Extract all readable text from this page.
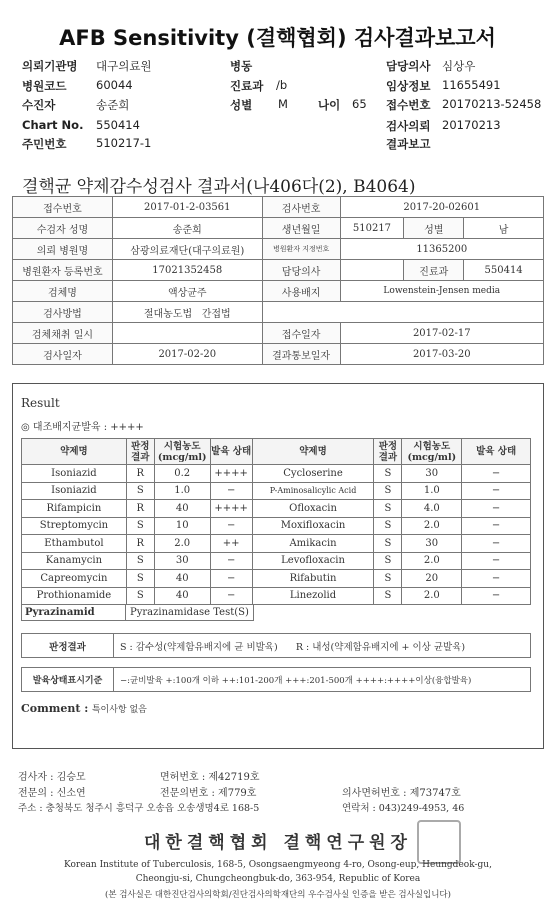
AFB Sensitivity (결핵협회) 검사결과보고서
의뢰기관명 대구의료원
병원코드	60044
수진자	송준희
Chart No. 550414
주민번호	510217-1
병동
진료과 /b
성별 M	나이 65
담당의사 심상우
임상정보 11655491
접수번호 20170213-52458
검사의뢰 20170213
결과보고
결핵균 약제감수성검사 결과서(나406다(2), B4064)
접수번호	2017-01-2-03561	검사번호	2017-20-02601		
수검자 성명	송준희	생년월일	510217	성별	남
의뢰 병원명	삼광의료재단(대구의료원)	병원환자 지정번호	11365200		
병원환자 등록번호	17021352458	담당의사		진료과	550414
검체명	액상균주	사용배지	Lowenstein-Jensen media		
검사방법	절대농도법 간접법				
검체채취 일시		접수일자	2017-02-17		
검사일자	2017-02-20	결과통보일자	2017-03-20		
Result
◎ 대조배지균발육 : ++++
약제명	판정 결과	시험농도 (mcg/ml)	발육 상태	약제명	판정 결과	시험농도 (mcg/ml)	발육 상태
Isoniazid	R	0.2	++++	Cycloserine	S	30	−
Isoniazid	S	1.0	−	P-Aminosalicylic Acid	S	1.0	−
Rifampicin	R	40	++++	Ofloxacin	S	4.0	−
Streptomycin	S	10	−	Moxifloxacin	S	2.0	−
Ethambutol	R	2.0	++	Amikacin	S	30	−
Kanamycin	S	30	−	Levofloxacin	S	2.0	−
Capreomycin	S	40	−	Rifabutin	S	20	−
Prothionamide	S	40	−	Linezolid	S	2.0	−
Pyrazinamid	Pyrazinamidase Test(S)
판정결과	S : 감수성(약제함유배지에 균 비발육) R : 내성(약제함유배지에 + 이상 균발육)
발육상태표시기준	−:균비발육 +:100개 이하 ++:101-200개 +++:201-500개 ++++:++++이상(융합발육)
Comment : 특이사항 없음
검사자 : 김승모	면허번호 : 제42719호
전문의 : 신소연	전문의번호 : 제779호	의사면허번호 : 제73747호
주소 : 충청북도 청주시 흥덕구 오송읍 오송생명4로 168-5	연락처 : 043)249-4953, 46
대한결핵협회 결핵연구원장
Korean Institute of Tuberculosis, 168-5, Osongsaengmyeong 4-ro, Osong-eup, Heungdeok-gu,
Cheongju-si, Chungcheongbuk-do, 363-954, Republic of Korea
(본 검사실은 대한진단검사의학회/진단검사의학재단의 우수검사실 인증을 받은 검사실입니다)
